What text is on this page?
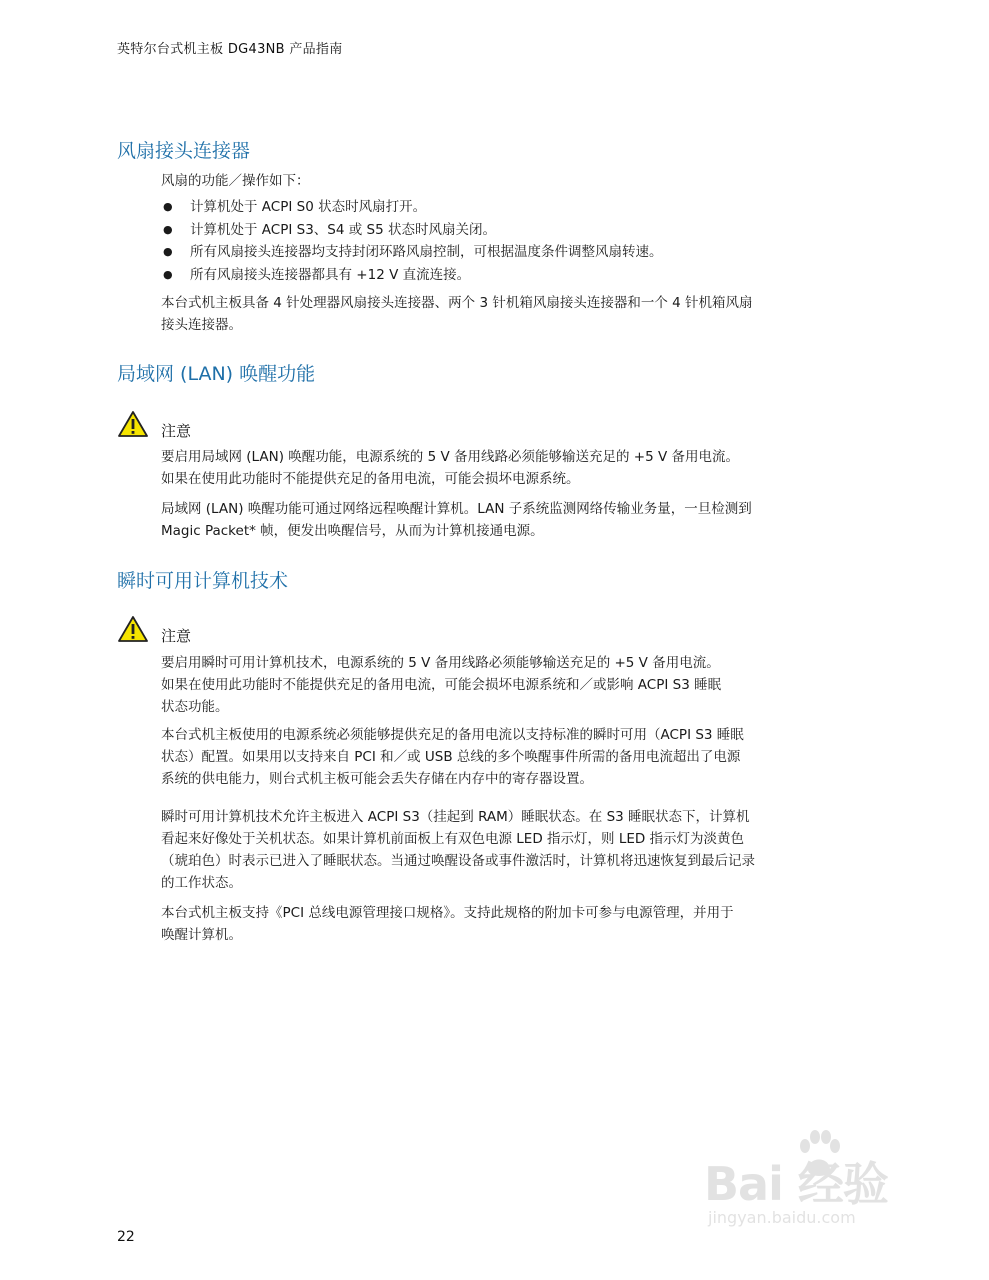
英特尔台式机主板 DG43NB 产品指南
风扇接头连接器

风扇的功能／操作如下：

● 计算机处于 ACPI S0 状态时风扇打开。
● 计算机处于 ACPI S3、S4 或 S5 状态时风扇关闭。
● 所有风扇接头连接器均支持封闭环路风扇控制，可根据温度条件调整风扇转速。
● 所有风扇接头连接器都具有 +12 V 直流连接。

本台式机主板具备 4 针处理器风扇接头连接器、两个 3 针机箱风扇接头连接器和一个 4 针机箱风扇
接头连接器。

局域网 (LAN) 唤醒功能
注意

要启用局域网 (LAN) 唤醒功能，电源系统的 5 V 备用线路必须能够输送充足的 +5 V 备用电流。
如果在使用此功能时不能提供充足的备用电流，可能会损坏电源系统。

局域网 (LAN) 唤醒功能可通过网络远程唤醒计算机。LAN 子系统监测网络传输业务量，一旦检测到
Magic Packet* 帧，便发出唤醒信号，从而为计算机接通电源。

瞬时可用计算机技术
注意

要启用瞬时可用计算机技术，电源系统的 5 V 备用线路必须能够输送充足的 +5 V 备用电流。
如果在使用此功能时不能提供充足的备用电流，可能会损坏电源系统和／或影响 ACPI S3 睡眠
状态功能。

本台式机主板使用的电源系统必须能够提供充足的备用电流以支持标准的瞬时可用（ACPI S3 睡眠
状态）配置。如果用以支持来自 PCI 和／或 USB 总线的多个唤醒事件所需的备用电流超出了电源
系统的供电能力，则台式机主板可能会丢失存储在内存中的寄存器设置。

瞬时可用计算机技术允许主板进入 ACPI S3（挂起到 RAM）睡眠状态。在 S3 睡眠状态下，计算机
看起来好像处于关机状态。如果计算机前面板上有双色电源 LED 指示灯，则 LED 指示灯为淡黄色
（琥珀色）时表示已进入了睡眠状态。当通过唤醒设备或事件激活时，计算机将迅速恢复到最后记录
的工作状态。

本台式机主板支持《PCI 总线电源管理接口规格》。支持此规格的附加卡可参与电源管理，并用于
唤醒计算机。

22
Bai 经验
jingyan.baidu.com
